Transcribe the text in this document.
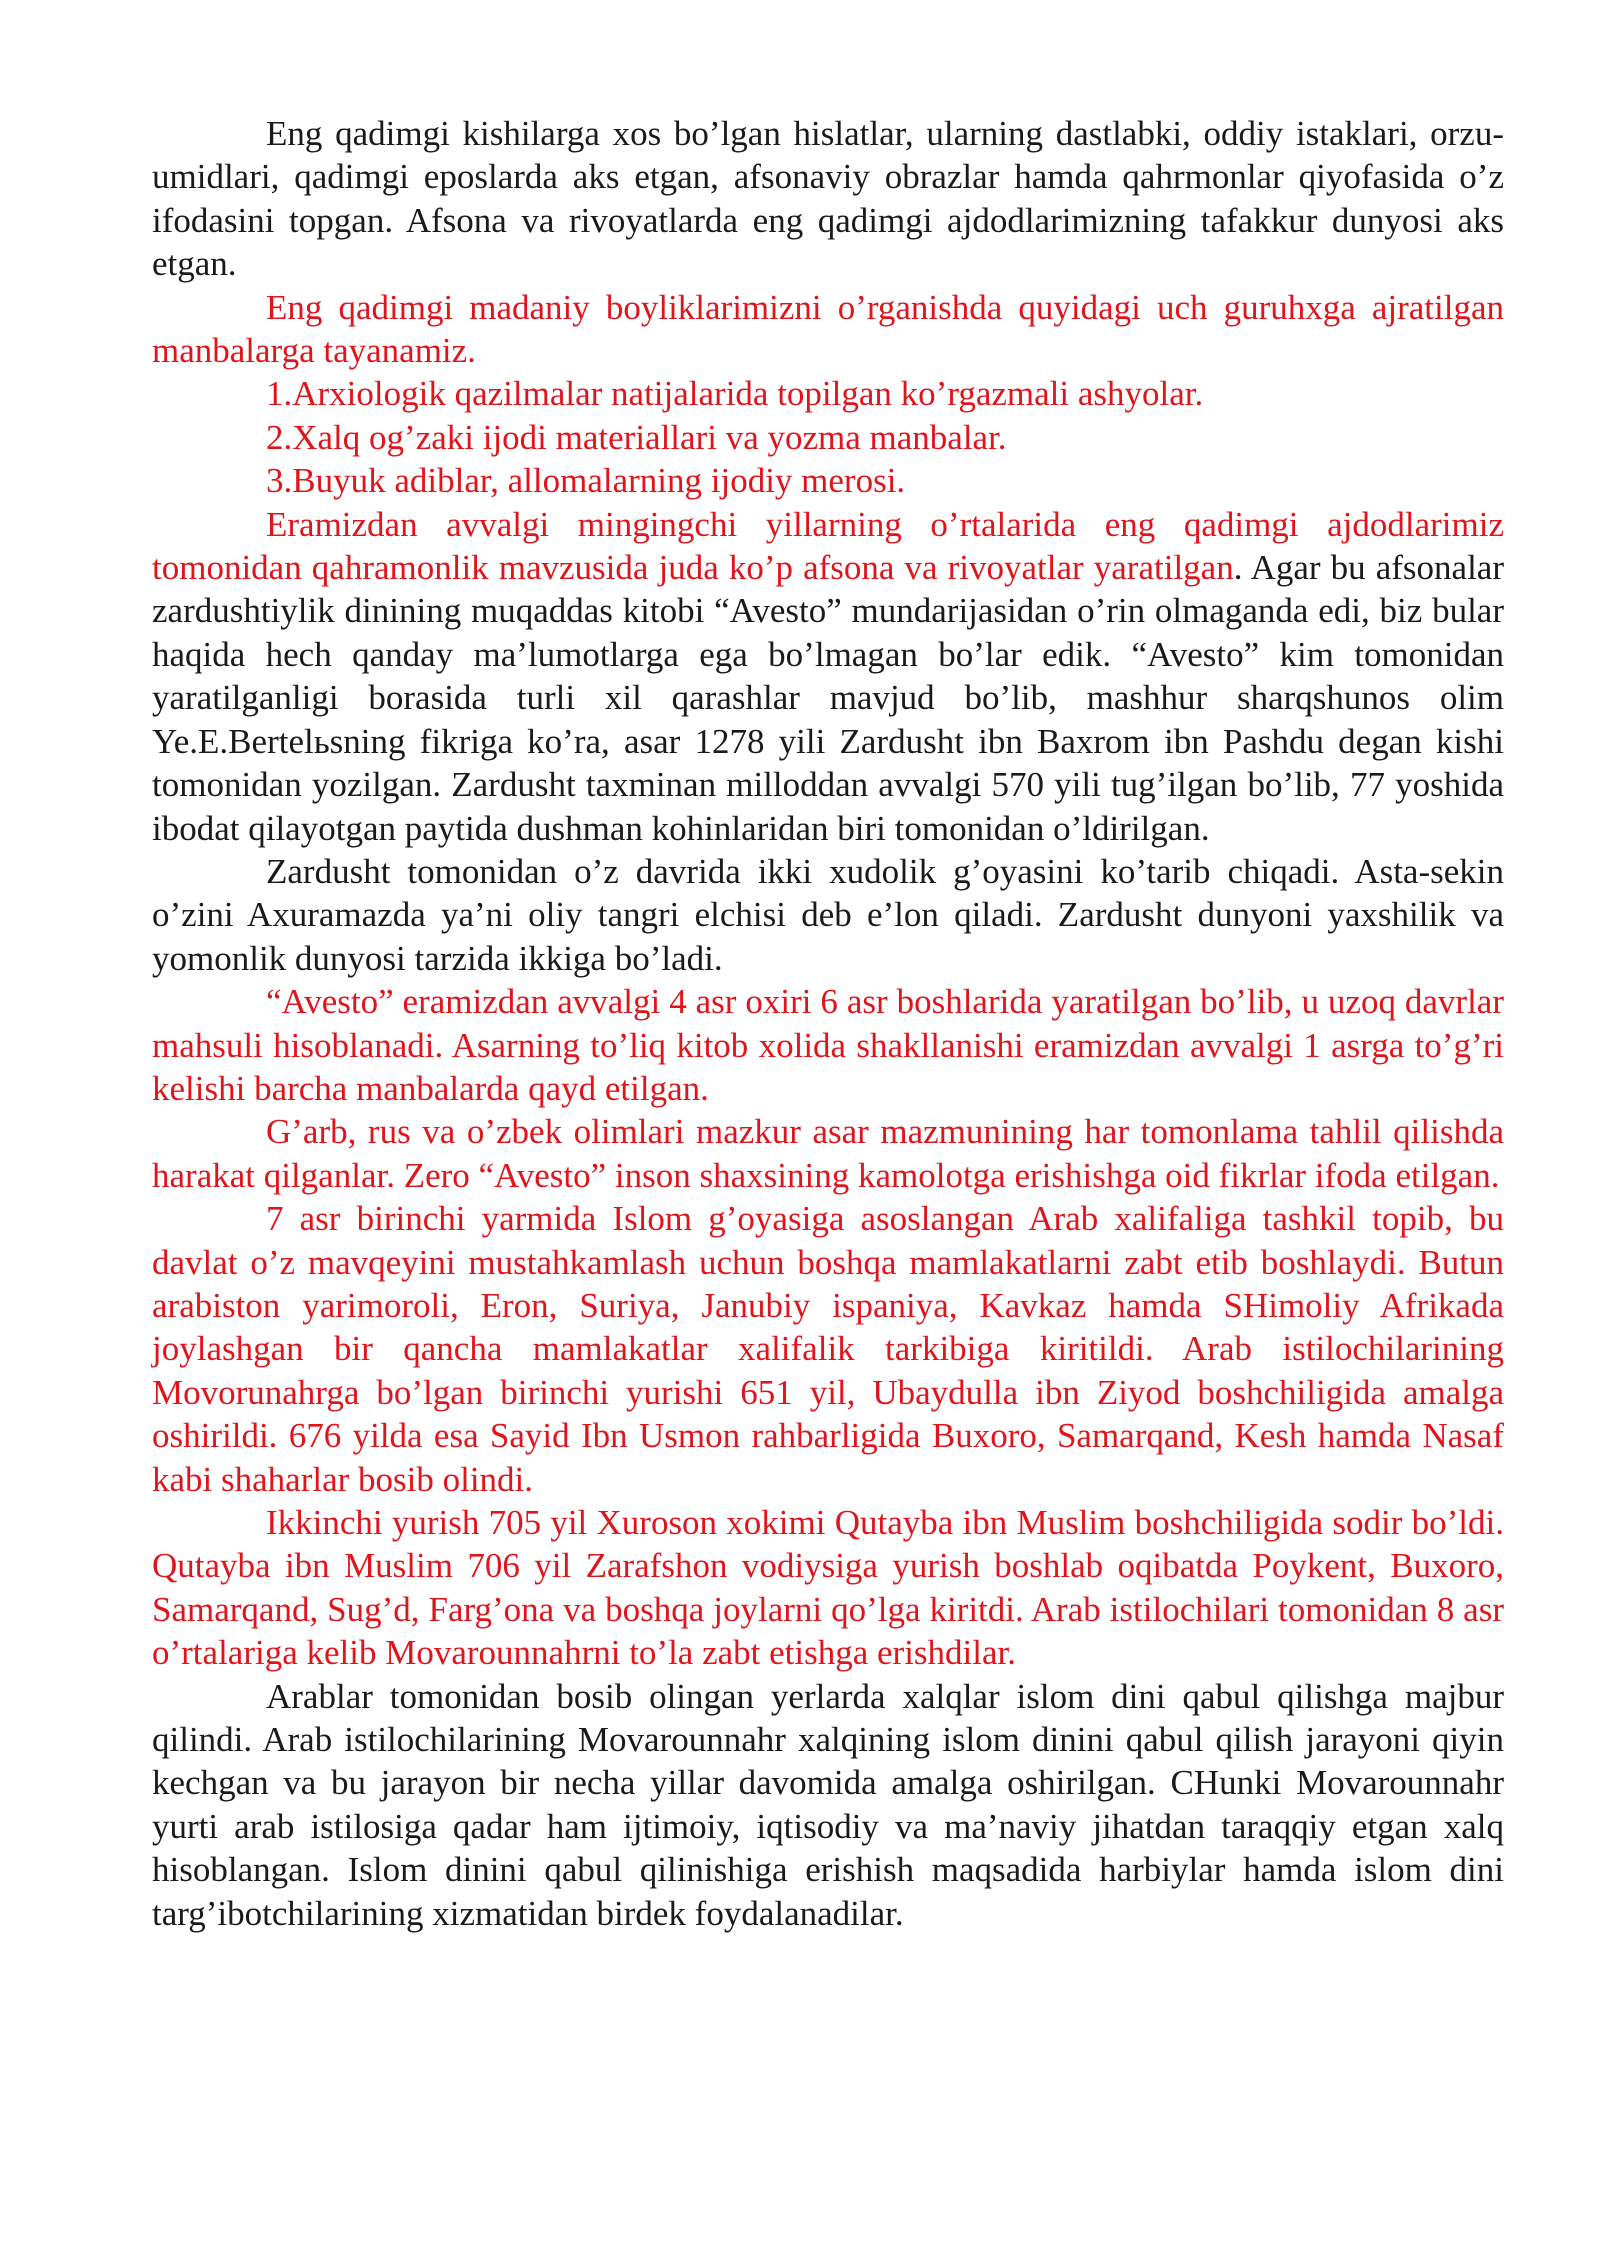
Eng qadimgi kishilarga xos bo’lgan hislatlar, ularning dastlabki, oddiy istaklari, orzu-umidlari, qadimgi eposlarda aks etgan, afsonaviy obrazlar hamda qahrmonlar qiyofasida o’z ifodasini topgan. Afsona va rivoyatlarda eng qadimgi ajdodlarimizning tafakkur dunyosi aks etgan.

Eng qadimgi madaniy boyliklarimizni o’rganishda quyidagi uch guruhxga ajratilgan manbalarga tayanamiz.

1.Arxiologik qazilmalar natijalarida topilgan ko’rgazmali ashyolar.

2.Xalq og’zaki ijodi materiallari va yozma manbalar.

3.Buyuk adiblar, allomalarning ijodiy merosi.

Eramizdan avvalgi mingingchi yillarning o’rtalarida eng qadimgi ajdodlarimiz tomonidan qahramonlik mavzusida juda ko’p afsona va rivoyatlar yaratilgan. Agar bu afsonalar zardushtiylik dinining muqaddas kitobi “Avesto” mundarijasidan o’rin olmaganda edi, biz bular haqida hech qanday ma’lumotlarga ega bo’lmagan bo’lar edik. “Avesto” kim tomonidan yaratilganligi borasida turli xil qarashlar mavjud bo’lib, mashhur sharqshunos olim Ye.E.Bertelьsning fikriga ko’ra, asar 1278 yili Zardusht ibn Baxrom ibn Pashdu degan kishi tomonidan yozilgan. Zardusht taxminan milloddan avvalgi 570 yili tug’ilgan bo’lib, 77 yoshida ibodat qilayotgan paytida dushman kohinlaridan biri tomonidan o’ldirilgan.

Zardusht tomonidan o’z davrida ikki xudolik g’oyasini ko’tarib chiqadi. Asta-sekin o’zini Axuramazda ya’ni oliy tangri elchisi deb e’lon qiladi. Zardusht dunyoni yaxshilik va yomonlik dunyosi tarzida ikkiga bo’ladi.

“Avesto” eramizdan avvalgi 4 asr oxiri 6 asr boshlarida yaratilgan bo’lib, u uzoq davrlar mahsuli hisoblanadi. Asarning to’liq kitob xolida shakllanishi eramizdan avvalgi 1 asrga to’g’ri kelishi barcha manbalarda qayd etilgan.

G’arb, rus va o’zbek olimlari mazkur asar mazmunining har tomonlama tahlil qilishda harakat qilganlar. Zero “Avesto” inson shaxsining kamolotga erishishga oid fikrlar ifoda etilgan.

7 asr birinchi yarmida Islom g’oyasiga asoslangan Arab xalifaliga tashkil topib, bu davlat o’z mavqeyini mustahkamlash uchun boshqa mamlakatlarni zabt etib boshlaydi. Butun arabiston yarimoroli, Eron, Suriya, Janubiy ispaniya, Kavkaz hamda SHimoliy Afrikada joylashgan bir qancha mamlakatlar xalifalik tarkibiga kiritildi. Arab istilochilarining Movorunahrga bo’lgan birinchi yurishi 651 yil, Ubaydulla ibn Ziyod boshchiligida amalga oshirildi. 676 yilda esa Sayid Ibn Usmon rahbarligida Buxoro, Samarqand, Kesh hamda Nasaf kabi shaharlar bosib olindi.

Ikkinchi yurish 705 yil Xuroson xokimi Qutayba ibn Muslim boshchiligida sodir bo’ldi. Qutayba ibn Muslim 706 yil Zarafshon vodiysiga yurish boshlab oqibatda Poykent, Buxoro, Samarqand, Sug’d, Farg’ona va boshqa joylarni qo’lga kiritdi. Arab istilochilari tomonidan 8 asr o’rtalariga kelib Movarounnahrni to’la zabt etishga erishdilar.

Arablar tomonidan bosib olingan yerlarda xalqlar islom dini qabul qilishga majbur qilindi. Arab istilochilarining Movarounnahr xalqining islom dinini qabul qilish jarayoni qiyin kechgan va bu jarayon bir necha yillar davomida amalga oshirilgan. CHunki Movarounnahr yurti arab istilosiga qadar ham ijtimoiy, iqtisodiy va ma’naviy jihatdan taraqqiy etgan xalq hisoblangan. Islom dinini qabul qilinishiga erishish maqsadida harbiylar hamda islom dini targ’ibotchilarining xizmatidan birdek foydalanadilar.
